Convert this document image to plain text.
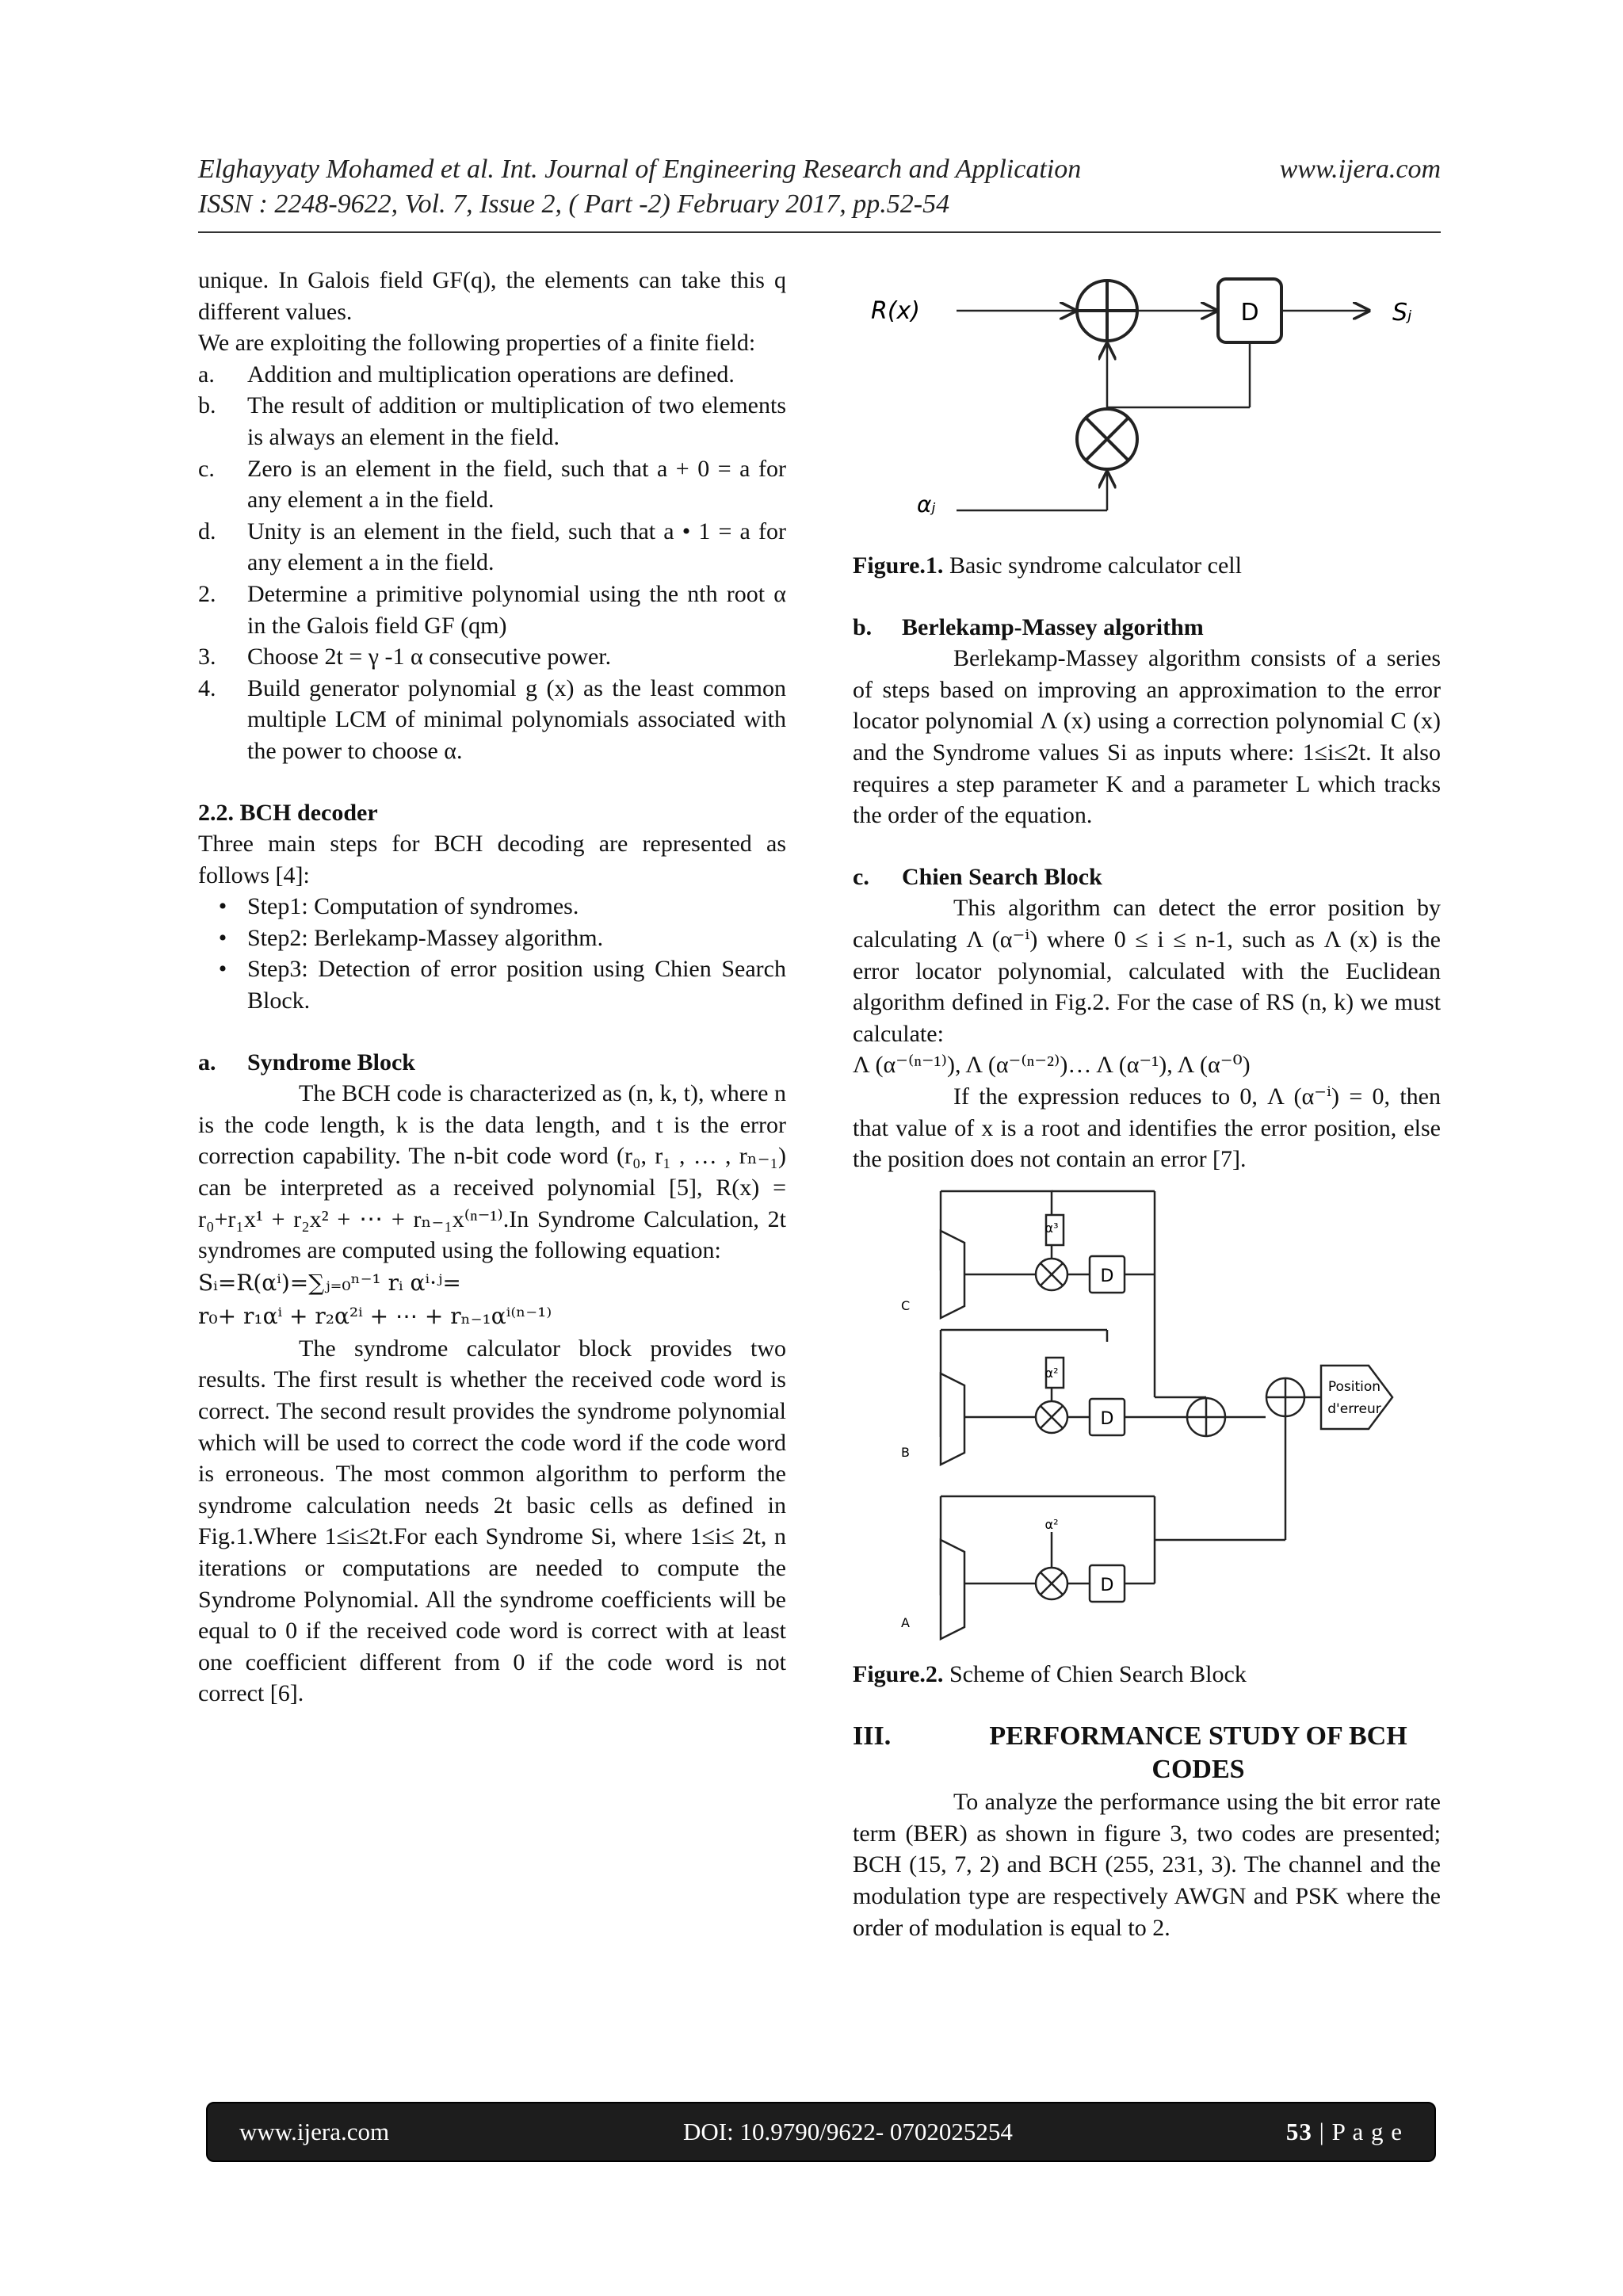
Elghayyaty Mohamed et al. Int. Journal of Engineering Research and Application	www.ijera.com
ISSN : 2248-9622, Vol. 7, Issue 2, ( Part -2) February 2017, pp.52-54

unique. In Galois field GF(q), the elements can take this q different values.

We are exploiting the following properties of a finite field:

a.	Addition and multiplication operations are defined.
b.	The result of addition or multiplication of two elements is always an element in the field.
c.	Zero is an element in the field, such that a + 0 = a for any element a in the field.
d.	Unity is an element in the field, such that a • 1 = a for any element a in the field.
2.	Determine a primitive polynomial using the nth root α in the Galois field GF (qm)
3.	Choose 2t = γ -1 α consecutive power.
4.	Build generator polynomial g (x) as the least common multiple LCM of minimal polynomials associated with the power to choose α.

2.2. BCH decoder

Three main steps for BCH decoding are represented as follows [4]:

• Step1: Computation of syndromes.
• Step2: Berlekamp-Massey algorithm.
• Step3: Detection of error position using Chien Search Block.

a. Syndrome Block

The BCH code is characterized as (n, k, t), where n is the code length, k is the data length, and t is the error correction capability. The n-bit code word (r₀, r₁ , … , rₙ₋₁) can be interpreted as a received polynomial [5], R(x) = r₀+r₁x¹ + r₂x² + ⋯ + rₙ₋₁x⁽ⁿ⁻¹⁾.In Syndrome Calculation, 2t syndromes are computed using the following equation:

Sᵢ=R(αⁱ)=∑ⱼ₌₀ⁿ⁻¹ rᵢ αⁱ·ʲ=

r₀+ r₁αⁱ + r₂α²ⁱ + ⋯ + rₙ₋₁αⁱ⁽ⁿ⁻¹⁾

The syndrome calculator block provides two results. The first result is whether the received code word is correct. The second result provides the syndrome polynomial which will be used to correct the code word if the code word is erroneous. The most common algorithm to perform the syndrome calculation needs 2t basic cells as defined in Fig.1.Where 1≤i≤2t.For each Syndrome Si, where 1≤i≤ 2t, n iterations or computations are needed to compute the Syndrome Polynomial. All the syndrome coefficients will be equal to 0 if the received code word is correct with at least one coefficient different from 0 if the code word is not correct [6].

R(x)	D	Sⱼ
αⱼ

Figure.1. Basic syndrome calculator cell

b. Berlekamp-Massey algorithm

Berlekamp-Massey algorithm consists of a series of steps based on improving an approximation to the error locator polynomial Λ (x) using a correction polynomial C (x) and the Syndrome values Si as inputs where: 1≤i≤2t. It also requires a step parameter K and a parameter L which tracks the order of the equation.

c. Chien Search Block

This algorithm can detect the error position by calculating Λ (α⁻ⁱ) where 0 ≤ i ≤ n-1, such as Λ (x) is the error locator polynomial, calculated with the Euclidean algorithm defined in Fig.2. For the case of RS (n, k) we must calculate:

Λ (α⁻⁽ⁿ⁻¹⁾), Λ (α⁻⁽ⁿ⁻²⁾)… Λ (α⁻¹), Λ (α⁻⁰)

If the expression reduces to 0, Λ (α⁻ⁱ) = 0, then that value of x is a root and identifies the error position, else the position does not contain an error [7].

α³
α²
α²
D
D
D
C
B
A
Position
d'erreur

Figure.2. Scheme of Chien Search Block

III.	PERFORMANCE STUDY OF BCH CODES

To analyze the performance using the bit error rate term (BER) as shown in figure 3, two codes are presented; BCH (15, 7, 2) and BCH (255, 231, 3). The channel and the modulation type are respectively AWGN and PSK where the order of modulation is equal to 2.

www.ijera.com	DOI: 10.9790/9622- 0702025254	53 | P a g e
